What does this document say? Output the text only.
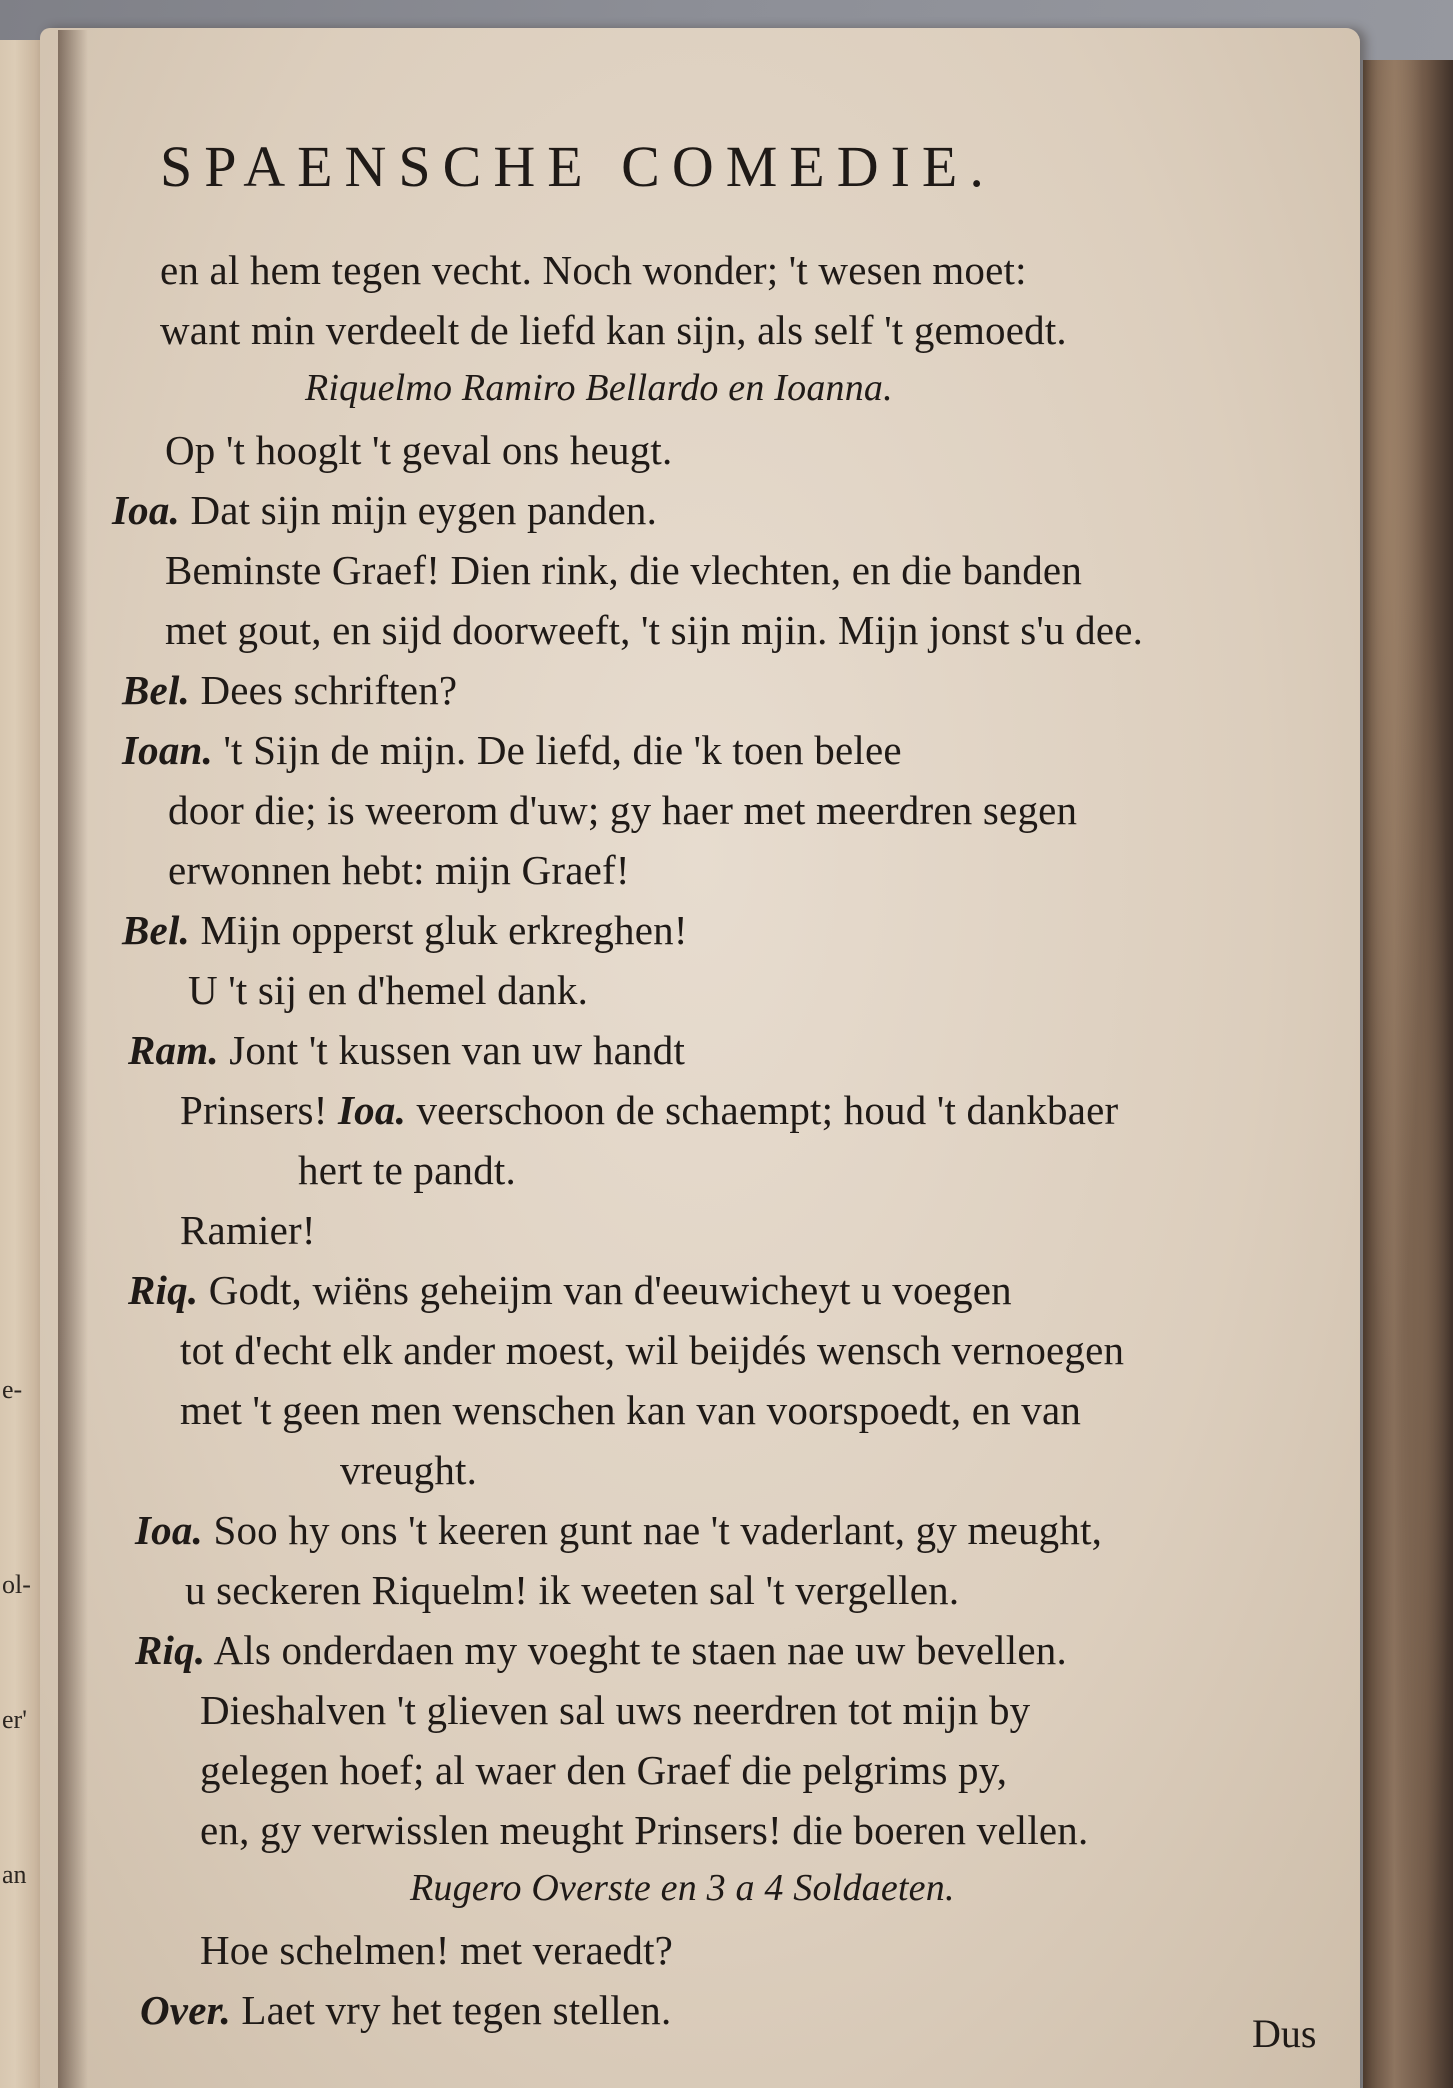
e-
ol-
er'
an
SPAENSCHE COMEDIE.
en al hem tegen vecht. Noch wonder; 't wesen moet:
want min verdeelt de liefd kan sijn, als self 't gemoedt.
Riquelmo Ramiro Bellardo en Ioanna.
Op 't hooglt 't geval ons heugt.
Ioa. Dat sijn mijn eygen panden.
Beminste Graef! Dien rink, die vlechten, en die banden
met gout, en sijd doorweeft, 't sijn mjin. Mijn jonst s'u dee.
Bel. Dees schriften?
Ioan. 't Sijn de mijn. De liefd, die 'k toen belee
door die; is weerom d'uw; gy haer met meerdren segen
erwonnen hebt: mijn Graef!
Bel. Mijn opperst gluk erkreghen!
U 't sij en d'hemel dank.
Ram. Jont 't kussen van uw handt
Prinsers! Ioa. veerschoon de schaempt; houd 't dankbaer
hert te pandt.
Ramier!
Riq. Godt, wiëns geheijm van d'eeuwicheyt u voegen
tot d'echt elk ander moest, wil beijdés wensch vernoegen
met 't geen men wenschen kan van voorspoedt, en van
vreught.
Ioa. Soo hy ons 't keeren gunt nae 't vaderlant, gy meught,
u seckeren Riquelm! ik weeten sal 't vergellen.
Riq. Als onderdaen my voeght te staen nae uw bevellen.
Dieshalven 't glieven sal uws neerdren tot mijn by
gelegen hoef; al waer den Graef die pelgrims py,
en, gy verwisslen meught Prinsers! die boeren vellen.
Rugero Overste en 3 a 4 Soldaeten.
Hoe schelmen! met veraedt?
Over. Laet vry het tegen stellen.
Dus
